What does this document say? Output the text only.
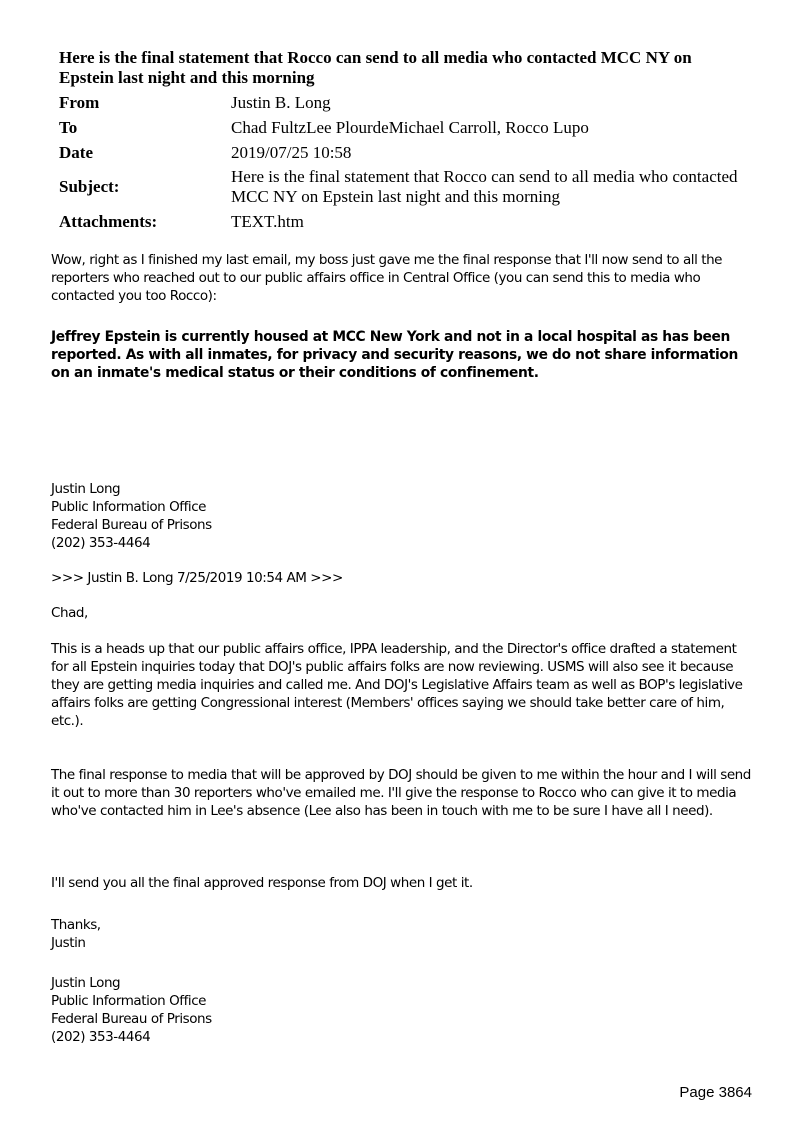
Here is the final statement that Rocco can send to all media who contacted MCC NY on Epstein last night and this morning
From	Justin B. Long
To	Chad FultzLee PlourdeMichael Carroll, Rocco Lupo
Date	2019/07/25 10:58
Subject:	Here is the final statement that Rocco can send to all media who contacted MCC NY on Epstein last night and this morning
Attachments:	TEXT.htm

Wow, right as I finished my last email, my boss just gave me the final response that I'll now send to all the reporters who reached out to our public affairs office in Central Office (you can send this to media who contacted you too Rocco):

Jeffrey Epstein is currently housed at MCC New York and not in a local hospital as has been reported. As with all inmates, for privacy and security reasons, we do not share information on an inmate's medical status or their conditions of confinement.

Justin Long
Public Information Office
Federal Bureau of Prisons
(202) 353-4464

>>> Justin B. Long 7/25/2019 10:54 AM >>>

Chad,

This is a heads up that our public affairs office, IPPA leadership, and the Director's office drafted a statement for all Epstein inquiries today that DOJ's public affairs folks are now reviewing. USMS will also see it because they are getting media inquiries and called me. And DOJ's Legislative Affairs team as well as BOP's legislative affairs folks are getting Congressional interest (Members' offices saying we should take better care of him, etc.).

The final response to media that will be approved by DOJ should be given to me within the hour and I will send it out to more than 30 reporters who've emailed me. I'll give the response to Rocco who can give it to media who've contacted him in Lee's absence (Lee also has been in touch with me to be sure I have all I need).

I'll send you all the final approved response from DOJ when I get it.

Thanks,
Justin
Justin Long
Public Information Office
Federal Bureau of Prisons
(202) 353-4464
Page 3864
